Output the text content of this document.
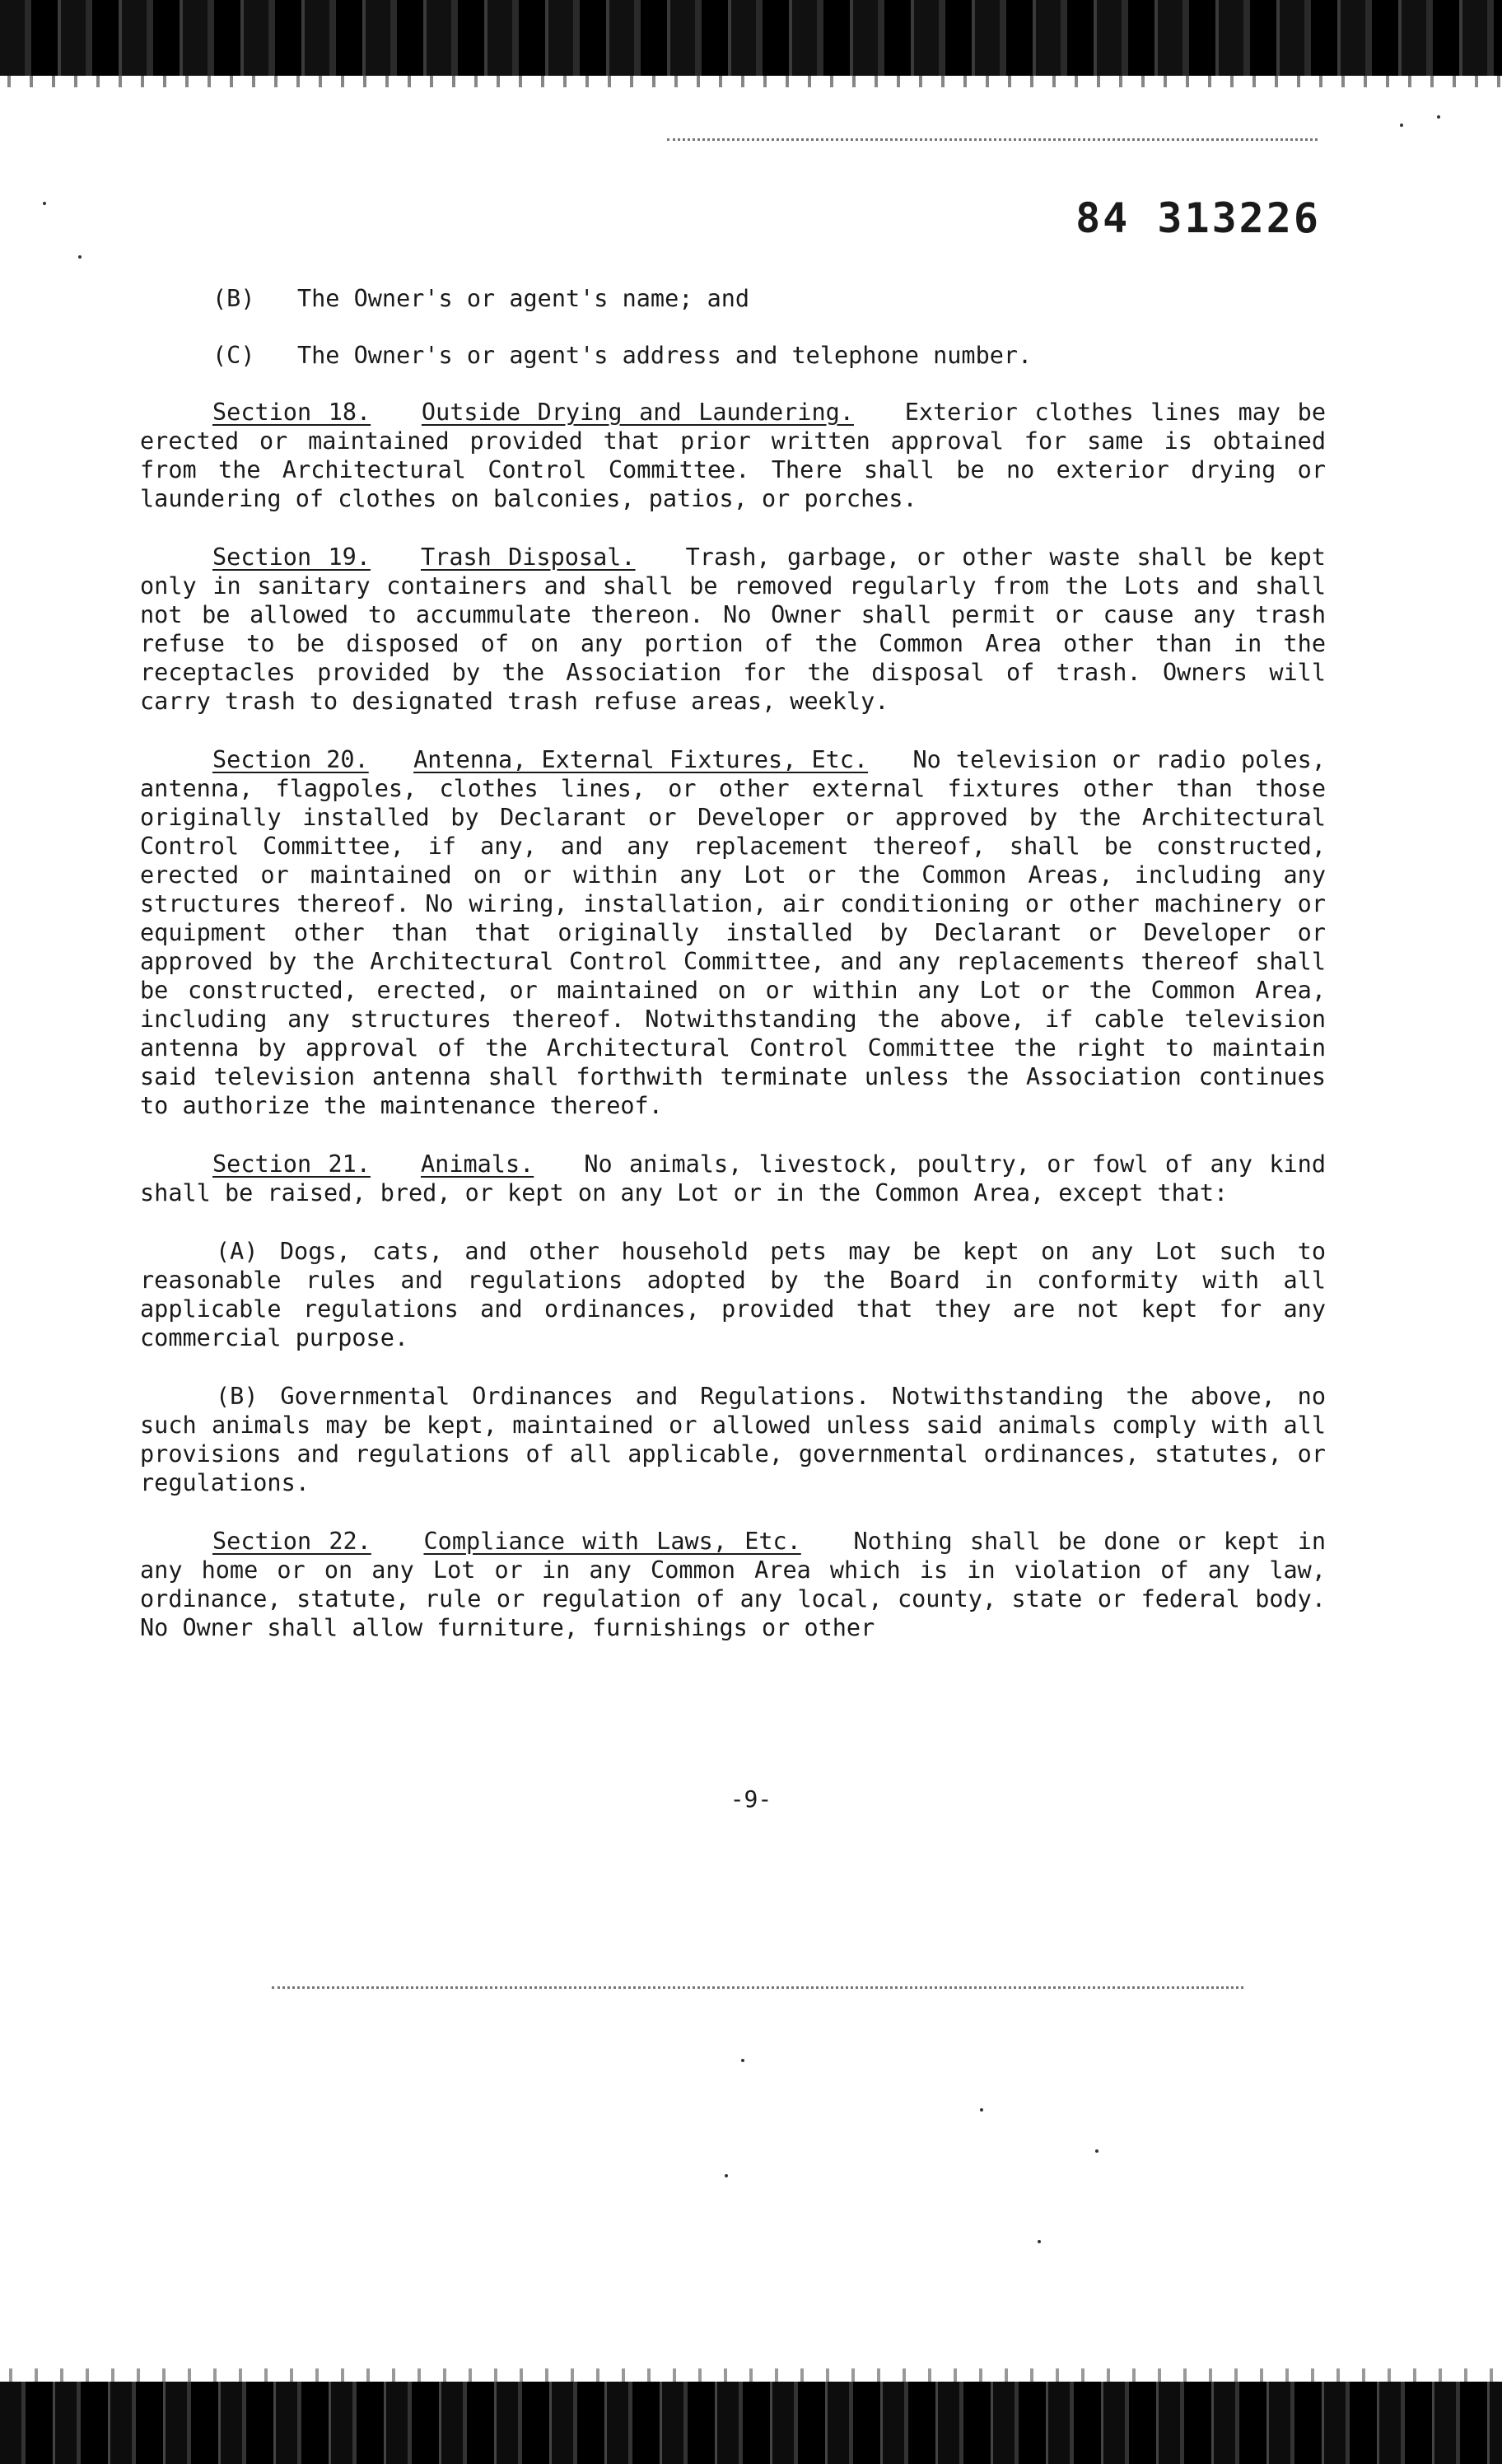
84 313226

(B) The Owner's or agent's name; and

(C) The Owner's or agent's address and telephone number.

Section 18. Outside Drying and Laundering. Exterior clothes lines may be erected or maintained provided that prior written approval for same is obtained from the Architectural Control Committee. There shall be no exterior drying or laundering of clothes on balconies, patios, or porches.

Section 19. Trash Disposal. Trash, garbage, or other waste shall be kept only in sanitary containers and shall be removed regularly from the Lots and shall not be allowed to accummulate thereon. No Owner shall permit or cause any trash refuse to be disposed of on any portion of the Common Area other than in the receptacles provided by the Association for the disposal of trash. Owners will carry trash to designated trash refuse areas, weekly.

Section 20. Antenna, External Fixtures, Etc. No television or radio poles, antenna, flagpoles, clothes lines, or other external fixtures other than those originally installed by Declarant or Developer or approved by the Architectural Control Committee, if any, and any replacement thereof, shall be constructed, erected or maintained on or within any Lot or the Common Areas, including any structures thereof. No wiring, installation, air conditioning or other machinery or equipment other than that originally installed by Declarant or Developer or approved by the Architectural Control Committee, and any replacements thereof shall be constructed, erected, or maintained on or within any Lot or the Common Area, including any structures thereof. Notwithstanding the above, if cable television antenna by approval of the Architectural Control Committee the right to maintain said television antenna shall forthwith terminate unless the Association continues to authorize the maintenance thereof.

Section 21. Animals. No animals, livestock, poultry, or fowl of any kind shall be raised, bred, or kept on any Lot or in the Common Area, except that:

(A) Dogs, cats, and other household pets may be kept on any Lot such to reasonable rules and regulations adopted by the Board in conformity with all applicable regulations and ordinances, provided that they are not kept for any commercial purpose.

(B) Governmental Ordinances and Regulations. Notwithstanding the above, no such animals may be kept, maintained or allowed unless said animals comply with all provisions and regulations of all applicable, governmental ordinances, statutes, or regulations.

Section 22. Compliance with Laws, Etc. Nothing shall be done or kept in any home or on any Lot or in any Common Area which is in violation of any law, ordinance, statute, rule or regulation of any local, county, state or federal body. No Owner shall allow furniture, furnishings or other

-9-
